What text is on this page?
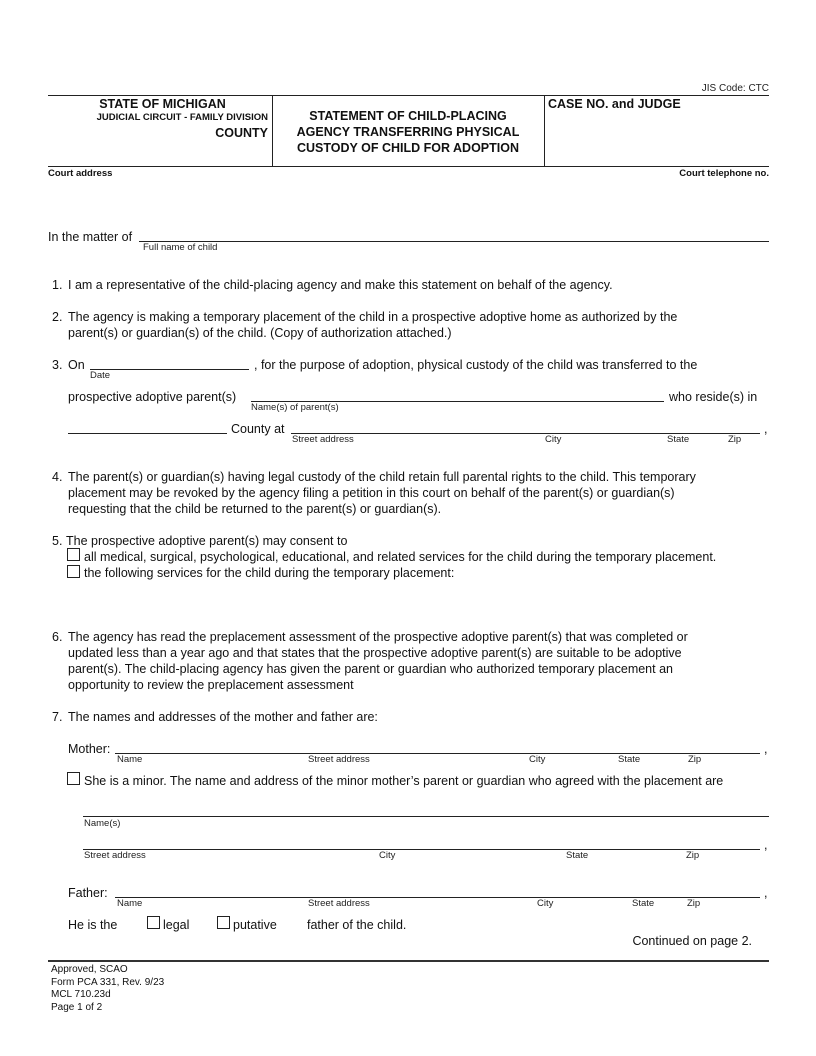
JIS Code: CTC
STATE OF MICHIGAN
JUDICIAL CIRCUIT - FAMILY DIVISION
COUNTY
STATEMENT OF CHILD-PLACING
AGENCY TRANSFERRING PHYSICAL
CUSTODY OF CHILD FOR ADOPTION
CASE NO. and JUDGE
Court address	Court telephone no.
In the matter of
Full name of child
1. I am a representative of the child-placing agency and make this statement on behalf of the agency.
2. The agency is making a temporary placement of the child in a prospective adoptive home as authorized by the
parent(s) or guardian(s) of the child. (Copy of authorization attached.)
3. On
Date
, for the purpose of adoption, physical custody of the child was transferred to the
prospective adoptive parent(s)
Name(s) of parent(s)
who reside(s) in
County at	,
Street address	City	State	Zip
4. The parent(s) or guardian(s) having legal custody of the child retain full parental rights to the child. This temporary
placement may be revoked by the agency filing a petition in this court on behalf of the parent(s) or guardian(s)
requesting that the child be returned to the parent(s) or guardian(s).
5. The prospective adoptive parent(s) may consent to
all medical, surgical, psychological, educational, and related services for the child during the temporary placement.
the following services for the child during the temporary placement:
6. The agency has read the preplacement assessment of the prospective adoptive parent(s) that was completed or
updated less than a year ago and that states that the prospective adoptive parent(s) are suitable to be adoptive
parent(s). The child-placing agency has given the parent or guardian who authorized temporary placement an
opportunity to review the preplacement assessment
7. The names and addresses of the mother and father are:
Mother:	,
Name	Street address	City	State	Zip
She is a minor. The name and address of the minor mother’s parent or guardian who agreed with the placement are
Name(s)
,
Street address	City	State	Zip
Father:	,
Name	Street address	City	State	Zip
He is the	legal	putative father of the child.
Continued on page 2.
Approved, SCAO
Form PCA 331, Rev. 9/23
MCL 710.23d
Page 1 of 2
